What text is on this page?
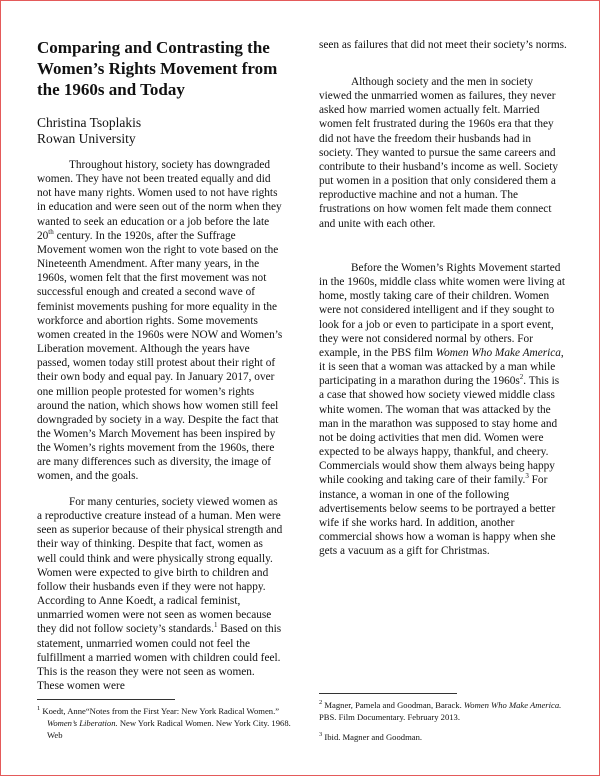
Comparing and Contrasting the Women’s Rights Movement from the 1960s and Today
Christina Tsoplakis
Rowan University

Throughout history, society has downgraded women. They have not been treated equally and did not have many rights. Women used to not have rights in education and were seen out of the norm when they wanted to seek an education or a job before the late 20th century. In the 1920s, after the Suffrage Movement women won the right to vote based on the Nineteenth Amendment. After many years, in the 1960s, women felt that the first movement was not successful enough and created a second wave of feminist movements pushing for more equality in the workforce and abortion rights. Some movements women created in the 1960s were NOW and Women’s Liberation movement. Although the years have passed, women today still protest about their right of their own body and equal pay. In January 2017, over one million people protested for women’s rights around the nation, which shows how women still feel downgraded by society in a way. Despite the fact that the Women’s March Movement has been inspired by the Women’s rights movement from the 1960s, there are many differences such as diversity, the image of women, and the goals.

For many centuries, society viewed women as a reproductive creature instead of a human. Men were seen as superior because of their physical strength and their way of thinking. Despite that fact, women as well could think and were physically strong equally. Women were expected to give birth to children and follow their husbands even if they were not happy. According to Anne Koedt, a radical feminist, unmarried women were not seen as women because they did not follow society’s standards.$^1$ Based on this statement, unmarried women could not feel the fulfillment a married women with children could feel. This is the reason they were not seen as women. These women were

$^1$ Koedt, Anne“Notes from the First Year: New York Radical Women.” Women’s Liberation. New York Radical Women. New York City. 1968. Web

seen as failures that did not meet their society’s norms.

Although society and the men in society viewed the unmarried women as failures, they never asked how married women actually felt. Married women felt frustrated during the 1960s era that they did not have the freedom their husbands had in society. They wanted to pursue the same careers and contribute to their husband’s income as well. Society put women in a position that only considered them a reproductive machine and not a human. The frustrations on how women felt made them connect and unite with each other.

Before the Women’s Rights Movement started in the 1960s, middle class white women were living at home, mostly taking care of their children. Women were not considered intelligent and if they sought to look for a job or even to participate in a sport event, they were not considered normal by others. For example, in the PBS film Women Who Make America, it is seen that a woman was attacked by a man while participating in a marathon during the $1960s^2$. This is a case that showed how society viewed middle class white women. The woman that was attacked by the man in the marathon was supposed to stay home and not be doing activities that men did. Women were expected to be always happy, thankful, and cheery. Commercials would show them always being happy while cooking and taking care of their family.$^3$ For instance, a woman in one of the following advertisements below seems to be portrayed a better wife if she works hard. In addition, another commercial shows how a woman is happy when she gets a vacuum as a gift for Christmas.

$^2$ Magner, Pamela and Goodman, Barack. Women Who Make America. PBS. Film Documentary. February 2013.

$^3$ Ibid. Magner and Goodman.
